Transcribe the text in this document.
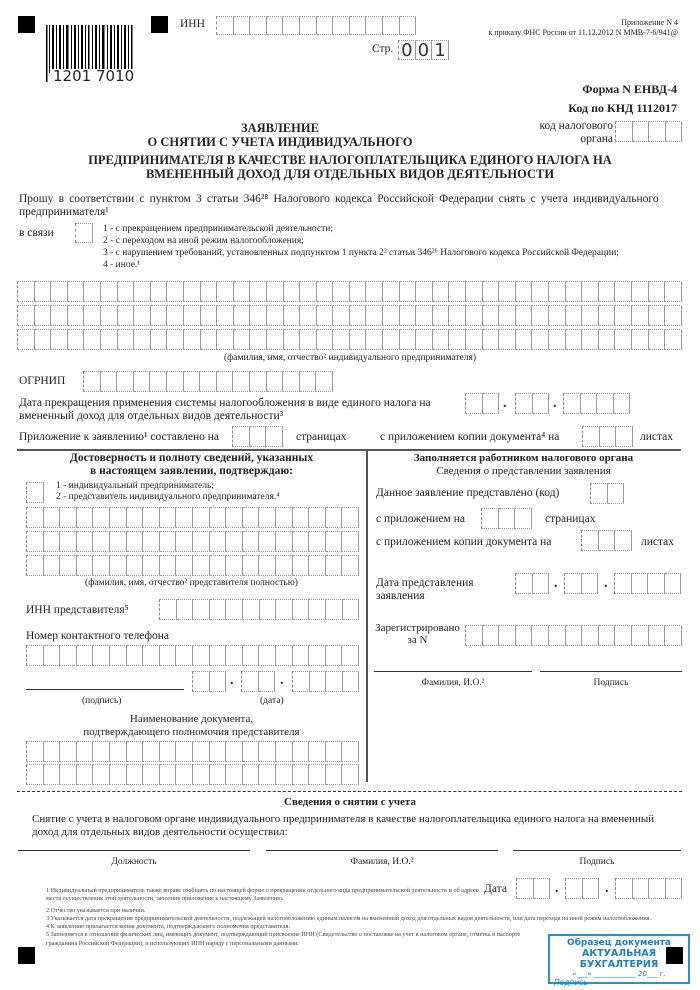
1201 7010
ИНН
Стр. 0 0 1
Приложение N 4
к приказу ФНС России от 11.12.2012 N ММВ-7-6/941@
Форма N ЕНВД-4
Код по КНД 1112017
код налогового
органа
ЗАЯВЛЕНИЕ
О СНЯТИИ С УЧЕТА ИНДИВИДУАЛЬНОГО
ПРЕДПРИНИМАТЕЛЯ В КАЧЕСТВЕ НАЛОГОПЛАТЕЛЬЩИКА ЕДИНОГО НАЛОГА НА
ВМЕНЕННЫЙ ДОХОД ДЛЯ ОТДЕЛЬНЫХ ВИДОВ ДЕЯТЕЛЬНОСТИ
Прошу в соответствии с пунктом 3 статьи 346²⁸ Налогового кодекса Российской Федерации снять с учета индивидуального
предпринимателя¹
в связи	1 - с прекращением предпринимательской деятельности;
2 - с переходом на иной режим налогообложения;
3 - с нарушением требований, установленных подпунктом 1 пункта 2² статьи 346²⁶ Налогового кодекса Российской Федерации;
4 - иное.¹
(фамилия, имя, отчество² индивидуального предпринимателя)
ОГРНИП
Дата прекращения применения системы налогообложения в виде единого налога на
вмененный доход для отдельных видов деятельности³
.	.
Приложение к заявлению¹ составлено на	страницах	с приложением копии документа⁴ на	листах
Достоверность и полноту сведений, указанных
в настоящем заявлении, подтверждаю:
1 - индивидуальный предприниматель;
2 - представитель индивидуального предпринимателя.⁴
(фамилия, имя, отчество² представителя полностью)
ИНН представителя⁵
Номер контактного телефона
.	.
(подпись)	(дата)
Наименование документа,
подтверждающего полномочия представителя
Заполняется работником налогового органа
Сведения о представлении заявления
Данное заявление представлено (код)
с приложением на	страницах
с приложением копии документа на	листах
Дата представления
заявления
.	.
Зарегистрировано
за N
Фамилия, И.О.²	Подпись
Сведения о снятии с учета
Снятие с учета в налоговом органе индивидуального предпринимателя в качестве налогоплательщика единого налога на вмененный
доход для отдельных видов деятельности осуществил:
Должность	Фамилия, И.О.²	Подпись
Дата	.	.
1 Индивидуальный предприниматель также вправе сообщить по настоящей форме о прекращении отдельного вида предпринимательской деятельности и об адресе места осуществления этой деятельности, заполнив приложение к настоящему Заявлению.
2 Отчество указывается при наличии.
3 Указывается дата прекращения предпринимательской деятельности, подлежащей налогообложению единым налогом на вмененный доход для отдельных видов деятельности, или дата перехода на иной режим налогообложения.
4 К заявлению прилагается копия документа, подтверждающего полномочия представителя.
5 Заполняется в отношении физических лиц, имеющих документ, подтверждающий присвоение ИНН (Свидетельство о постановке на учет в налоговом органе, отметка в паспорте гражданина Российской Федерации), и использующих ИНН наряду с персональными данными.	Образец документа
АКТУАЛЬНАЯ БУХГАЛТЕРИЯ
«___» ____________ 20___ г.
Подпись
